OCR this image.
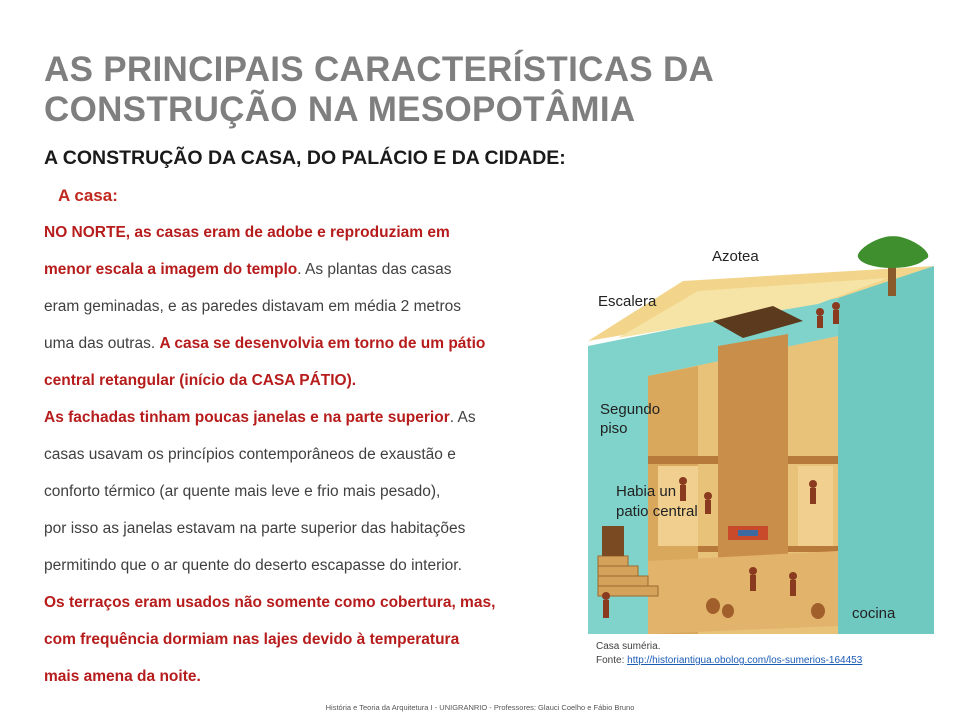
AS PRINCIPAIS CARACTERÍSTICAS DA
CONSTRUÇÃO NA MESOPOTÂMIA
A CONSTRUÇÃO DA CASA, DO PALÁCIO E DA CIDADE:
A casa:
NO NORTE, as casas eram de adobe e reproduziam em
menor escala a imagem do templo. As plantas das casas
eram geminadas, e as paredes distavam em média 2 metros
uma das outras. A casa se desenvolvia em torno de um pátio
central retangular (início da CASA PÁTIO).
As fachadas tinham poucas janelas e na parte superior. As
casas usavam os princípios contemporâneos de exaustão e
conforto térmico (ar quente mais leve e frio mais pesado),
por isso as janelas estavam na parte superior das habitações
permitindo que o ar quente do deserto escapasse do interior.
Os terraços eram usados não somente como cobertura, mas,
com frequência dormiam nas lajes devido à temperatura
mais amena da noite.
Azotea
Escalera
Segundo
piso
Habia un
patio central
cocina
Casa suméria.
Fonte: http://historiantigua.obolog.com/los-sumerios-164453
História e Teoria da Arquitetura I - UNIGRANRIO - Professores: Glauci Coelho e Fábio Bruno
